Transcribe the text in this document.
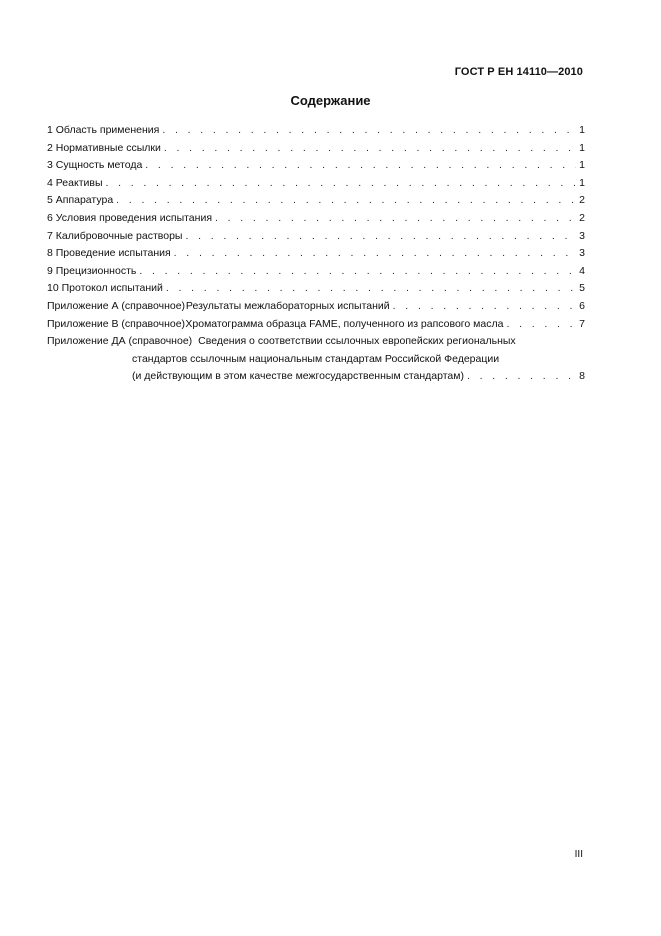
ГОСТ Р ЕН 14110—2010
Содержание
1 Область применения . . .	1
2 Нормативные ссылки . . .	1
3 Сущность метода . . .	1
4 Реактивы . . .	1
5 Аппаратура . . .	2
6 Условия проведения испытания . . .	2
7 Калибровочные растворы . . .	3
8 Проведение испытания . . .	3
9 Прецизионность . . .	4
10 Протокол испытаний . . .	5
Приложение А (справочное) Результаты межлабораторных испытаний . . .	6
Приложение В (справочное) Хроматограмма образца FAME, полученного из рапсового масла . . .	7
Приложение ДА (справочное) Сведения о соответствии ссылочных европейских региональных
стандартов ссылочным национальным стандартам Российской Федерации
(и действующим в этом качестве межгосударственным стандартам) . . .	8
III
